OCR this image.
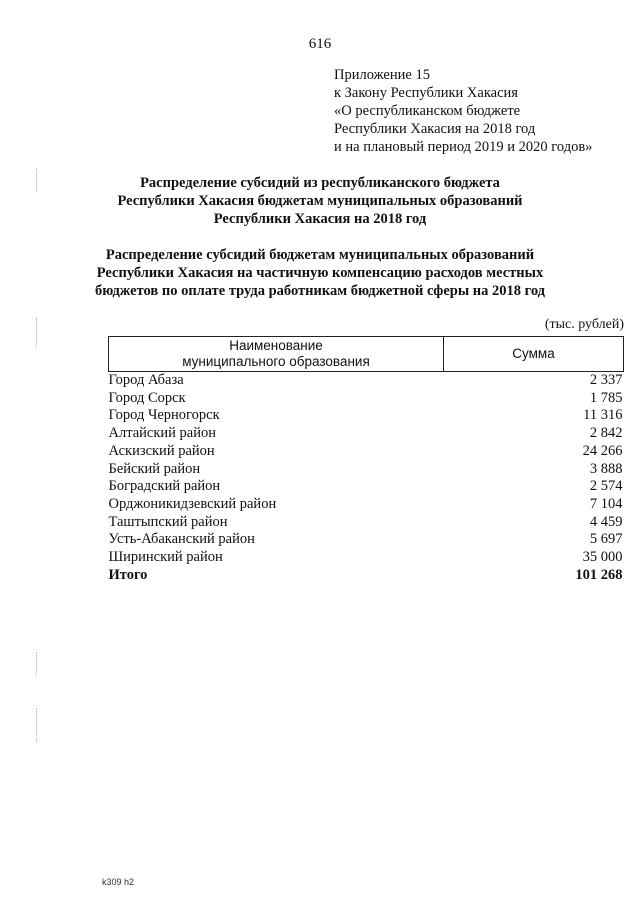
616
Приложение 15
к Закону Республики Хакасия
«О республиканском бюджете
Республики Хакасия на 2018 год
и на плановый период 2019 и 2020 годов»
Распределение субсидий из республиканского бюджета
Республики Хакасия бюджетам муниципальных образований
Республики Хакасия на 2018 год
Распределение субсидий бюджетам муниципальных образований
Республики Хакасия на частичную компенсацию расходов местных
бюджетов по оплате труда работникам бюджетной сферы на 2018 год
(тыс. рублей)
Наименование
муниципального образования	Сумма
Город Абаза	2 337
Город Сорск	1 785
Город Черногорск	11 316
Алтайский район	2 842
Аскизский район	24 266
Бейский район	3 888
Боградский район	2 574
Орджоникидзевский район	7 104
Таштыпский район	4 459
Усть-Абаканский район	5 697
Ширинский район	35 000
Итого	101 268
k309 h2
